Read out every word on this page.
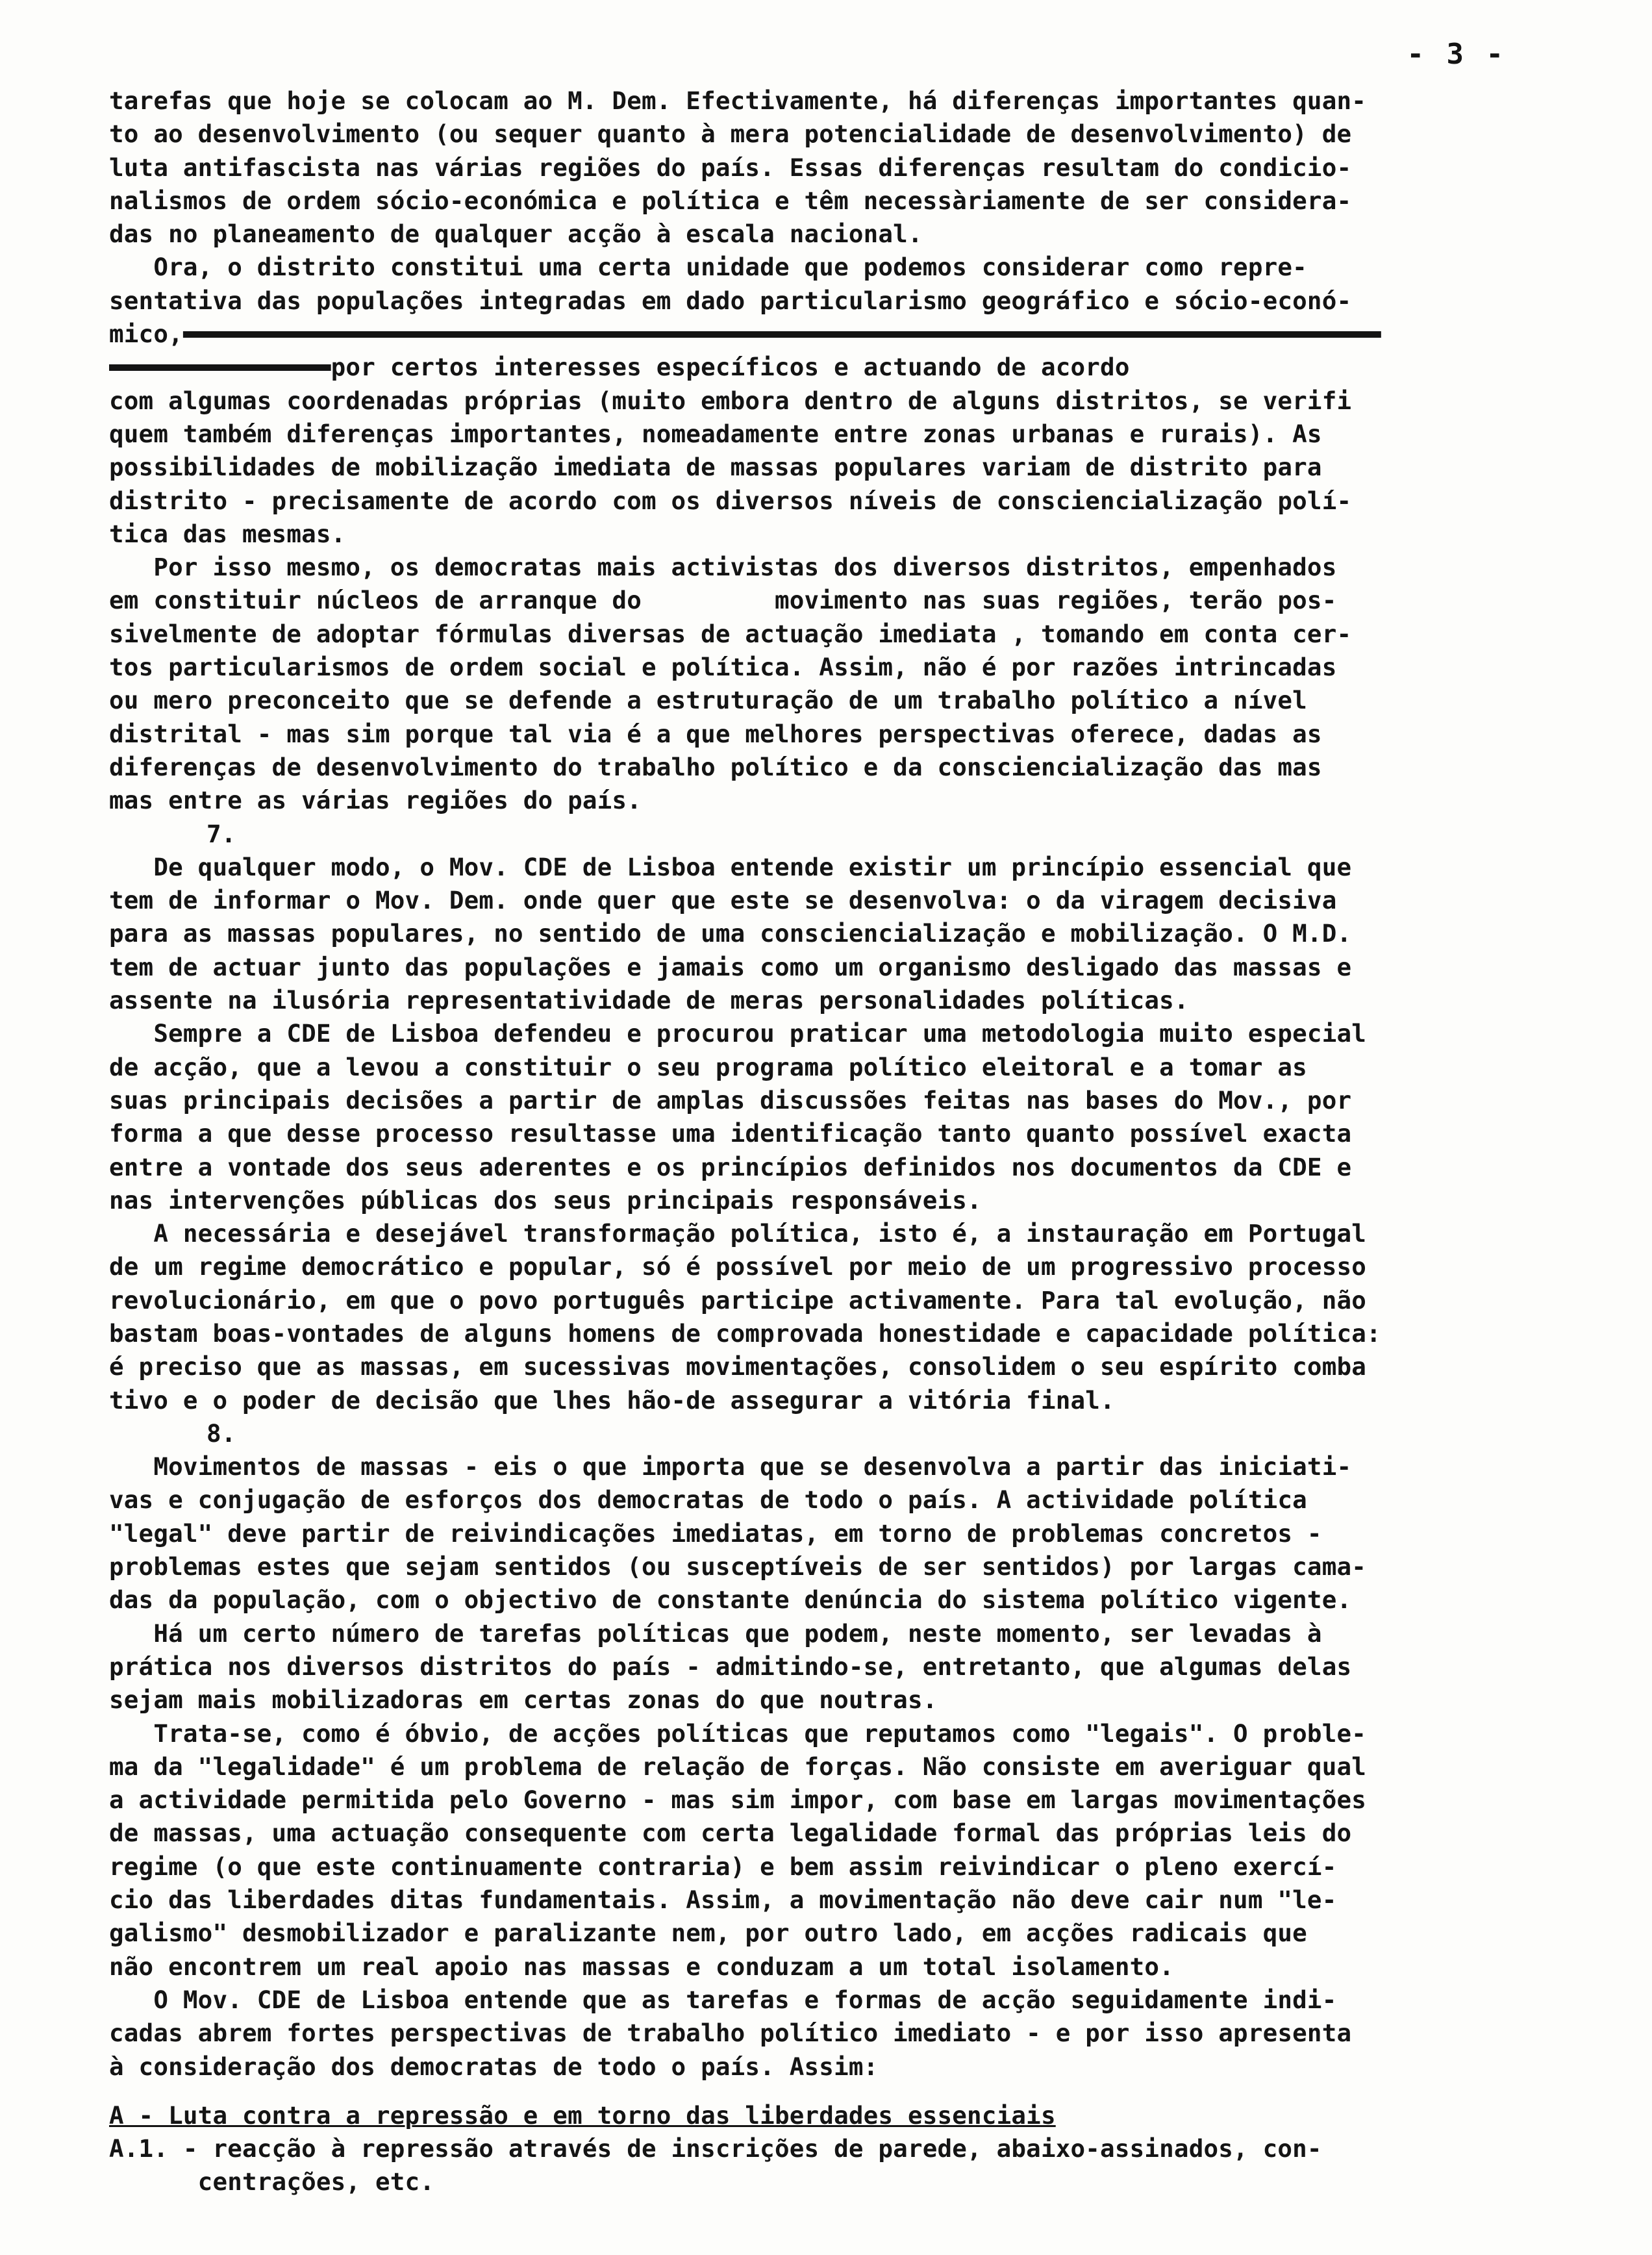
- 3 -
tarefas que hoje se colocam ao M. Dem. Efectivamente, há diferenças importantes quan-
to ao desenvolvimento (ou sequer quanto à mera potencialidade de desenvolvimento) de
luta antifascista nas várias regiões do país. Essas diferenças resultam do condicio-
nalismos de ordem sócio-económica e política e têm necessàriamente de ser considera-
das no planeamento de qualquer acção à escala nacional.
Ora, o distrito constitui uma certa unidade que podemos considerar como repre-
sentativa das populações integradas em dado particularismo geográfico e sócio-econó-
mico,

por certos interesses específicos e actuando de acordo
com algumas coordenadas próprias (muito embora dentro de alguns distritos, se verifi
quem também diferenças importantes, nomeadamente entre zonas urbanas e rurais). As
possibilidades de mobilização imediata de massas populares variam de distrito para
distrito - precisamente de acordo com os diversos níveis de consciencialização polí-
tica das mesmas.
Por isso mesmo, os democratas mais activistas dos diversos distritos, empenhados
em constituir núcleos de arranque do         movimento nas suas regiões, terão pos-
sivelmente de adoptar fórmulas diversas de actuação imediata , tomando em conta cer-
tos particularismos de ordem social e política. Assim, não é por razões intrincadas
ou mero preconceito que se defende a estruturação de um trabalho político a nível
distrital - mas sim porque tal via é a que melhores perspectivas oferece, dadas as
diferenças de desenvolvimento do trabalho político e da consciencialização das mas
mas entre as várias regiões do país.
7.
De qualquer modo, o Mov. CDE de Lisboa entende existir um princípio essencial que
tem de informar o Mov. Dem. onde quer que este se desenvolva: o da viragem decisiva
para as massas populares, no sentido de uma consciencialização e mobilização. O M.D.
tem de actuar junto das populações e jamais como um organismo desligado das massas e
assente na ilusória representatividade de meras personalidades políticas.
Sempre a CDE de Lisboa defendeu e procurou praticar uma metodologia muito especial
de acção, que a levou a constituir o seu programa político eleitoral e a tomar as
suas principais decisões a partir de amplas discussões feitas nas bases do Mov., por
forma a que desse processo resultasse uma identificação tanto quanto possível exacta
entre a vontade dos seus aderentes e os princípios definidos nos documentos da CDE e
nas intervenções públicas dos seus principais responsáveis.
A necessária e desejável transformação política, isto é, a instauração em Portugal
de um regime democrático e popular, só é possível por meio de um progressivo processo
revolucionário, em que o povo português participe activamente. Para tal evolução, não
bastam boas-vontades de alguns homens de comprovada honestidade e capacidade política:
é preciso que as massas, em sucessivas movimentações, consolidem o seu espírito comba
tivo e o poder de decisão que lhes hão-de assegurar a vitória final.
8.
Movimentos de massas - eis o que importa que se desenvolva a partir das iniciati-
vas e conjugação de esforços dos democratas de todo o país. A actividade política
"legal" deve partir de reivindicações imediatas, em torno de problemas concretos -
problemas estes que sejam sentidos (ou susceptíveis de ser sentidos) por largas cama-
das da população, com o objectivo de constante denúncia do sistema político vigente.
Há um certo número de tarefas políticas que podem, neste momento, ser levadas à
prática nos diversos distritos do país - admitindo-se, entretanto, que algumas delas
sejam mais mobilizadoras em certas zonas do que noutras.
Trata-se, como é óbvio, de acções políticas que reputamos como "legais". O proble-
ma da "legalidade" é um problema de relação de forças. Não consiste em averiguar qual
a actividade permitida pelo Governo - mas sim impor, com base em largas movimentações
de massas, uma actuação consequente com certa legalidade formal das próprias leis do
regime (o que este continuamente contraria) e bem assim reivindicar o pleno exercí-
cio das liberdades ditas fundamentais. Assim, a movimentação não deve cair num "le-
galismo" desmobilizador e paralizante nem, por outro lado, em acções radicais que
não encontrem um real apoio nas massas e conduzam a um total isolamento.
O Mov. CDE de Lisboa entende que as tarefas e formas de acção seguidamente indi-
cadas abrem fortes perspectivas de trabalho político imediato - e por isso apresenta
à consideração dos democratas de todo o país. Assim:
A - Luta contra a repressão e em torno das liberdades essenciais
A.1. - reacção à repressão através de inscrições de parede, abaixo-assinados, con-
centrações, etc.
